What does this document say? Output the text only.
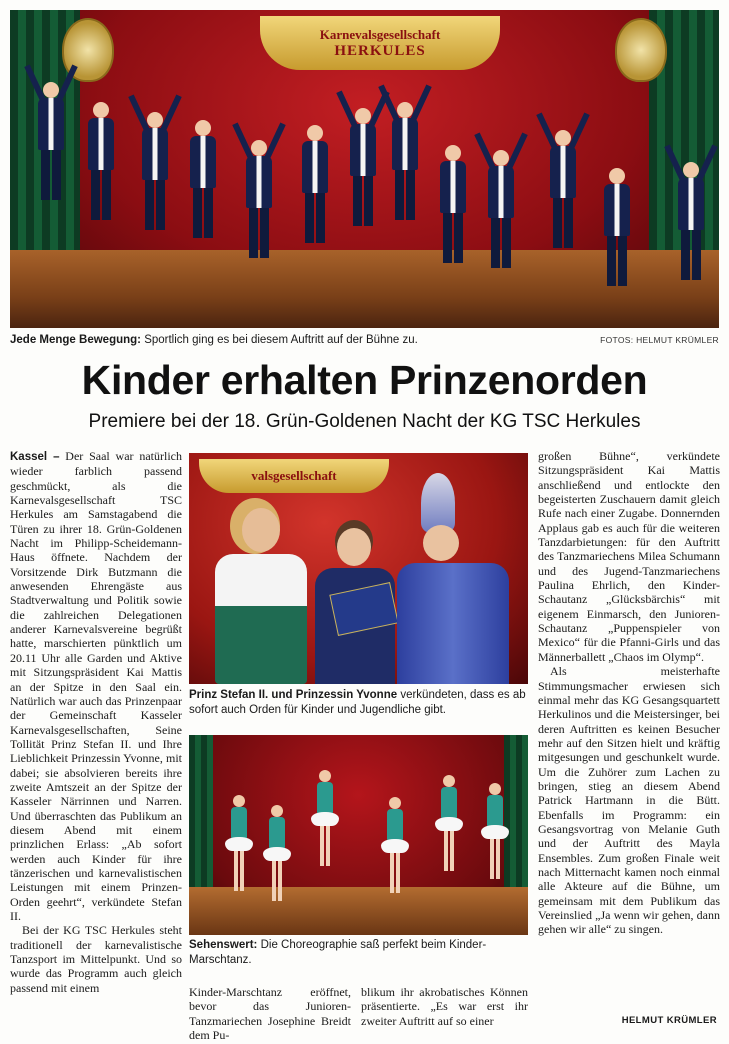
Karnevalsgesellschaft
HERKULES
Jede Menge Bewegung: Sportlich ging es bei diesem Auftritt auf der Bühne zu.	FOTOS: HELMUT KRÜMLER
Kinder erhalten Prinzenorden
Premiere bei der 18. Grün-Goldenen Nacht der KG TSC Herkules

Kassel – Der Saal war natürlich wieder farblich passend geschmückt, als die Karnevalsgesellschaft TSC Herkules am Samstagabend die Türen zu ihrer 18. Grün-Goldenen Nacht im Philipp-Scheidemann-Haus öffnete. Nachdem der Vorsitzende Dirk Butzmann die anwesenden Ehrengäste aus Stadtverwaltung und Politik sowie die zahlreichen Delegationen anderer Karnevalsvereine begrüßt hatte, marschierten pünktlich um 20.11 Uhr alle Garden und Aktive mit Sitzungspräsident Kai Mattis an der Spitze in den Saal ein. Natürlich war auch das Prinzenpaar der Gemeinschaft Kasseler Karnevalsgesellschaften, Seine Tollität Prinz Stefan II. und Ihre Lieblichkeit Prinzessin Yvonne, mit dabei; sie absolvieren bereits ihre zweite Amtszeit an der Spitze der Kasseler Närrinnen und Narren. Und überraschten das Publikum an diesem Abend mit einem prinzlichen Erlass: „Ab sofort werden auch Kinder für ihre tänzerischen und karnevalistischen Leistungen mit einem Prinzen-Orden geehrt“, verkündete Stefan II.

Bei der KG TSC Herkules steht traditionell der karnevalistische Tanzsport im Mittelpunkt. Und so wurde das Programm auch gleich passend mit einem

valsgesellschaft
Prinz Stefan II. und Prinzessin Yvonne verkündeten, dass es ab sofort auch Orden für Kinder und Jugendliche gibt.
Sehenswert: Die Choreographie saß perfekt beim Kinder-Marschtanz.

Kinder-Marschtanz eröffnet, bevor das Junioren-Tanzmariechen Josephine Breidt dem Pu-

blikum ihr akrobatisches Können präsentierte. „Es war erst ihr zweiter Auftritt auf so einer

großen Bühne“, verkündete Sitzungspräsident Kai Mattis anschließend und entlockte den begeisterten Zuschauern damit gleich Rufe nach einer Zugabe. Donnernden Applaus gab es auch für die weiteren Tanzdarbietungen: für den Auftritt des Tanzmariechens Milea Schumann und des Jugend-Tanzmariechens Paulina Ehrlich, den Kinder-Schautanz „Glücksbärchis“ mit eigenem Einmarsch, den Junioren-Schautanz „Puppenspieler von Mexico“ für die Pfanni-Girls und das Männerballett „Chaos im Olymp“.

Als meisterhafte Stimmungsmacher erwiesen sich einmal mehr das KG Gesangsquartett Herkulinos und die Meistersinger, bei deren Auftritten es keinen Besucher mehr auf den Sitzen hielt und kräftig mitgesungen und geschunkelt wurde. Um die Zuhörer zum Lachen zu bringen, stieg an diesem Abend Patrick Hartmann in die Bütt. Ebenfalls im Programm: ein Gesangsvortrag von Melanie Guth und der Auftritt des Mayla Ensembles. Zum großen Finale weit nach Mitternacht kamen noch einmal alle Akteure auf die Bühne, um gemeinsam mit dem Publikum das Vereinslied „Ja wenn wir gehen, dann gehen wir alle“ zu singen.

HELMUT KRÜMLER
